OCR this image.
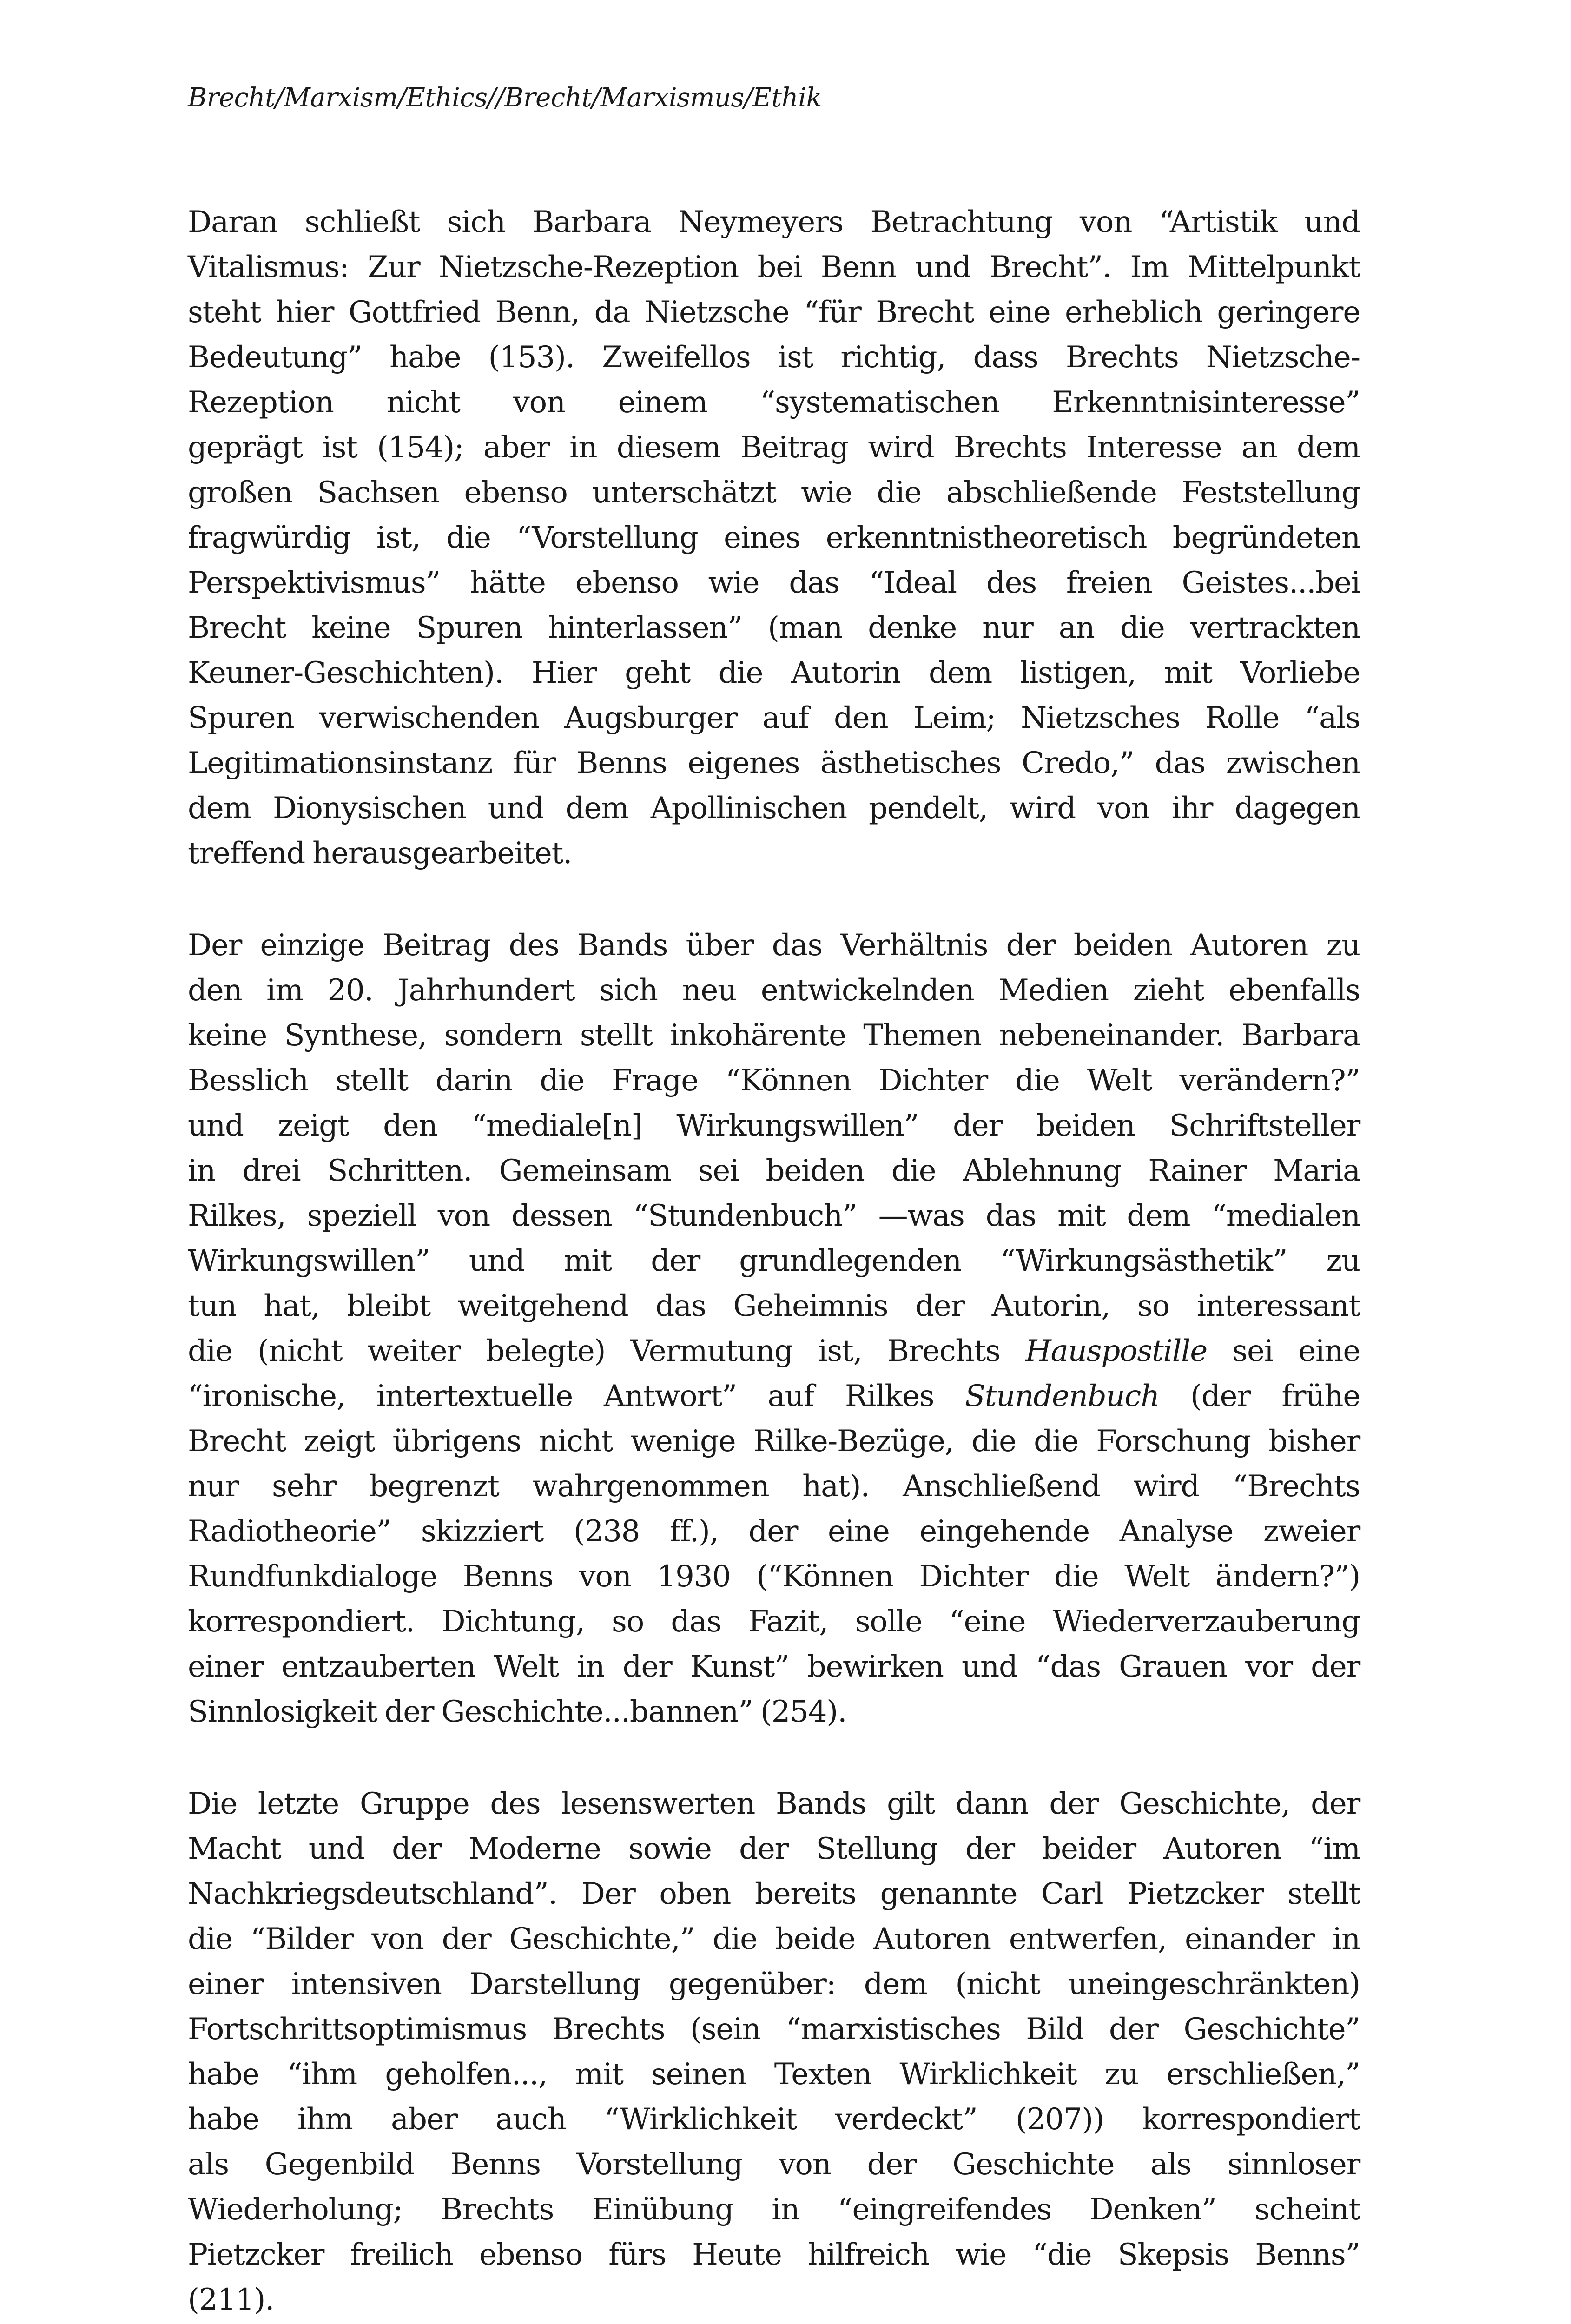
Brecht/Marxism/Ethics//Brecht/Marxismus/Ethik
Daran schließt sich Barbara Neymeyers Betrachtung von “Artistik und
Vitalismus: Zur Nietzsche-Rezeption bei Benn und Brecht”. Im Mittelpunkt
steht hier Gottfried Benn, da Nietzsche “für Brecht eine erheblich geringere
Bedeutung” habe (153). Zweifellos ist richtig, dass Brechts Nietzsche-
Rezeption nicht von einem “systematischen Erkenntnisinteresse”
geprägt ist (154); aber in diesem Beitrag wird Brechts Interesse an dem
großen Sachsen ebenso unterschätzt wie die abschließende Feststellung
fragwürdig ist, die “Vorstellung eines erkenntnistheoretisch begründeten
Perspektivismus” hätte ebenso wie das “Ideal des freien Geistes...bei
Brecht keine Spuren hinterlassen” (man denke nur an die vertrackten
Keuner-Geschichten). Hier geht die Autorin dem listigen, mit Vorliebe
Spuren verwischenden Augsburger auf den Leim; Nietzsches Rolle “als
Legitimationsinstanz für Benns eigenes ästhetisches Credo,” das zwischen
dem Dionysischen und dem Apollinischen pendelt, wird von ihr dagegen
treffend herausgearbeitet.
Der einzige Beitrag des Bands über das Verhältnis der beiden Autoren zu
den im 20. Jahrhundert sich neu entwickelnden Medien zieht ebenfalls
keine Synthese, sondern stellt inkohärente Themen nebeneinander. Barbara
Besslich stellt darin die Frage “Können Dichter die Welt verändern?”
und zeigt den “mediale[n] Wirkungswillen” der beiden Schriftsteller
in drei Schritten. Gemeinsam sei beiden die Ablehnung Rainer Maria
Rilkes, speziell von dessen “Stundenbuch” —was das mit dem “medialen
Wirkungswillen” und mit der grundlegenden “Wirkungsästhetik” zu
tun hat, bleibt weitgehend das Geheimnis der Autorin, so interessant
die (nicht weiter belegte) Vermutung ist, Brechts Hauspostille sei eine
“ironische, intertextuelle Antwort” auf Rilkes Stundenbuch (der frühe
Brecht zeigt übrigens nicht wenige Rilke-Bezüge, die die Forschung bisher
nur sehr begrenzt wahrgenommen hat). Anschließend wird “Brechts
Radiotheorie” skizziert (238 ff.), der eine eingehende Analyse zweier
Rundfunkdialoge Benns von 1930 (“Können Dichter die Welt ändern?”)
korrespondiert. Dichtung, so das Fazit, solle “eine Wiederverzauberung
einer entzauberten Welt in der Kunst” bewirken und “das Grauen vor der
Sinnlosigkeit der Geschichte...bannen” (254).
Die letzte Gruppe des lesenswerten Bands gilt dann der Geschichte, der
Macht und der Moderne sowie der Stellung der beider Autoren “im
Nachkriegsdeutschland”. Der oben bereits genannte Carl Pietzcker stellt
die “Bilder von der Geschichte,” die beide Autoren entwerfen, einander in
einer intensiven Darstellung gegenüber: dem (nicht uneingeschränkten)
Fortschrittsoptimismus Brechts (sein “marxistisches Bild der Geschichte”
habe “ihm geholfen..., mit seinen Texten Wirklichkeit zu erschließen,”
habe ihm aber auch “Wirklichkeit verdeckt” (207)) korrespondiert
als Gegenbild Benns Vorstellung von der Geschichte als sinnloser
Wiederholung; Brechts Einübung in “eingreifendes Denken” scheint
Pietzcker freilich ebenso fürs Heute hilfreich wie “die Skepsis Benns”
(211).
